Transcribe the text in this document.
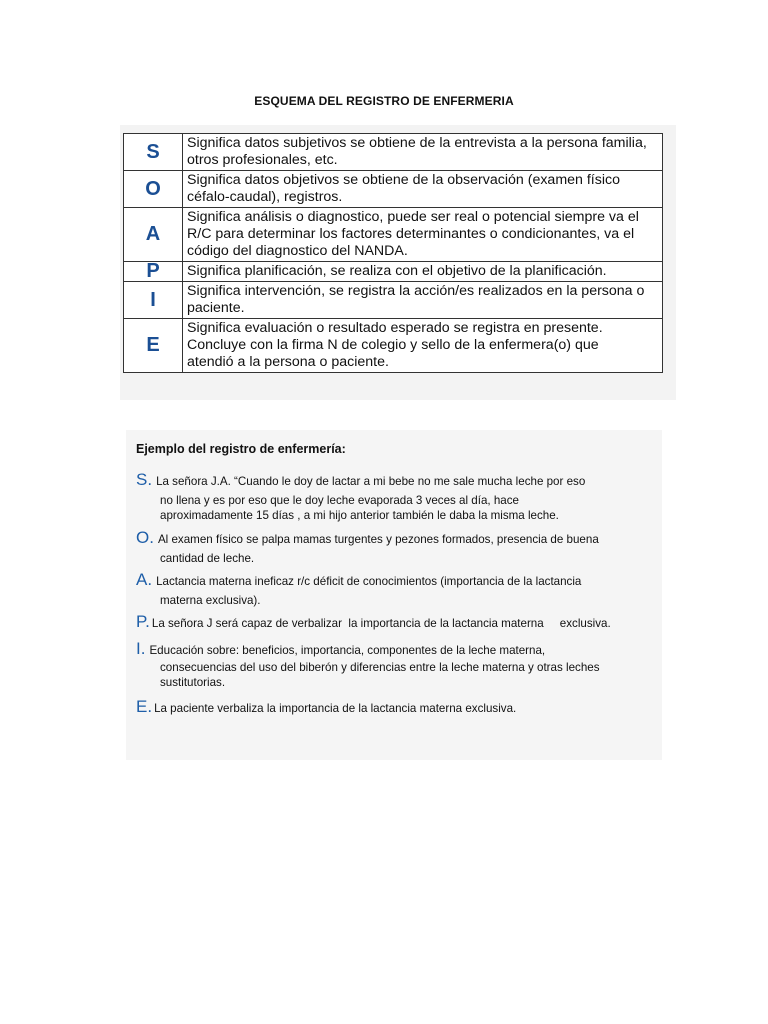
ESQUEMA DEL REGISTRO DE ENFERMERIA
S	Significa datos subjetivos se obtiene de la entrevista a la persona familia,
otros profesionales, etc.

O	Significa datos objetivos se obtiene de la observación (examen físico
céfalo-caudal), registros.

A	Significa análisis o diagnostico, puede ser real o potencial siempre va el
R/C para determinar los factores determinantes o condicionantes, va el
código del diagnostico del NANDA.

P	Significa planificación, se realiza con el objetivo de la planificación.

I	Significa intervención, se registra la acción/es realizados en la persona o
paciente.

E	Significa evaluación o resultado esperado se registra en presente.
Concluye con la firma N de colegio y sello de la enfermera(o) que
atendió a la persona o paciente.
Ejemplo del registro de enfermería:
S. La señora J.A. “Cuando le doy de lactar a mi bebe no me sale mucha leche por eso
no llena y es por eso que le doy leche evaporada 3 veces al día, hace
aproximadamente 15 días , a mi hijo anterior también le daba la misma leche.
O. Al examen físico se palpa mamas turgentes y pezones formados, presencia de buena
cantidad de leche.
A. Lactancia materna ineficaz r/c déficit de conocimientos (importancia de la lactancia
materna exclusiva).
P. La señora J será capaz de verbalizar  la importancia de la lactancia materna     exclusiva.
I. Educación sobre: beneficios, importancia, componentes de la leche materna,
consecuencias del uso del biberón y diferencias entre la leche materna y otras leches
sustitutorias.
E. La paciente verbaliza la importancia de la lactancia materna exclusiva.
